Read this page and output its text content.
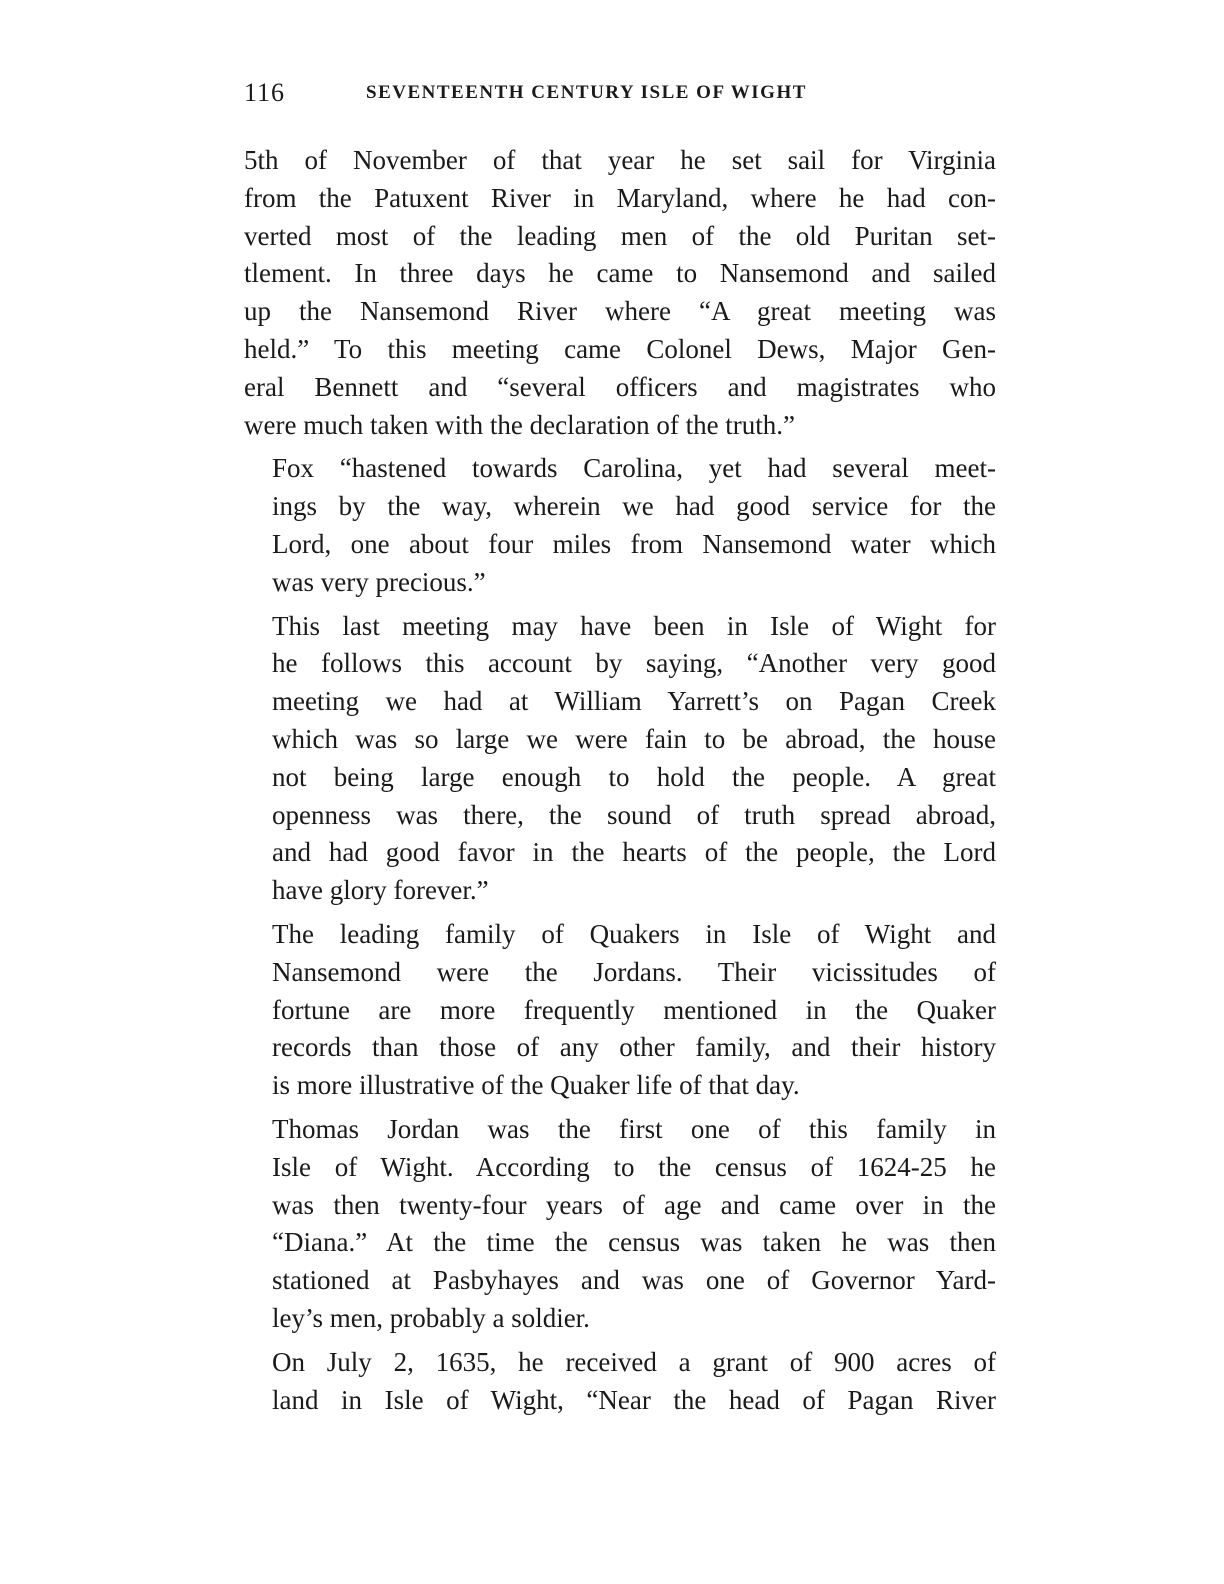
116	SEVENTEENTH CENTURY ISLE OF WIGHT
5th of November of that year he set sail for Virginia
from the Patuxent River in Maryland, where he had con-
verted most of the leading men of the old Puritan set-
tlement. In three days he came to Nansemond and sailed
up the Nansemond River where “A great meeting was
held.” To this meeting came Colonel Dews, Major Gen-
eral Bennett and “several officers and magistrates who
were much taken with the declaration of the truth.”
Fox “hastened towards Carolina, yet had several meet-
ings by the way, wherein we had good service for the
Lord, one about four miles from Nansemond water which
was very precious.”
This last meeting may have been in Isle of Wight for
he follows this account by saying, “Another very good
meeting we had at William Yarrett’s on Pagan Creek
which was so large we were fain to be abroad, the house
not being large enough to hold the people. A great
openness was there, the sound of truth spread abroad,
and had good favor in the hearts of the people, the Lord
have glory forever.”
The leading family of Quakers in Isle of Wight and
Nansemond were the Jordans. Their vicissitudes of
fortune are more frequently mentioned in the Quaker
records than those of any other family, and their history
is more illustrative of the Quaker life of that day.
Thomas Jordan was the first one of this family in
Isle of Wight. According to the census of 1624-25 he
was then twenty-four years of age and came over in the
“Diana.” At the time the census was taken he was then
stationed at Pasbyhayes and was one of Governor Yard-
ley’s men, probably a soldier.
On July 2, 1635, he received a grant of 900 acres of
land in Isle of Wight, “Near the head of Pagan River
